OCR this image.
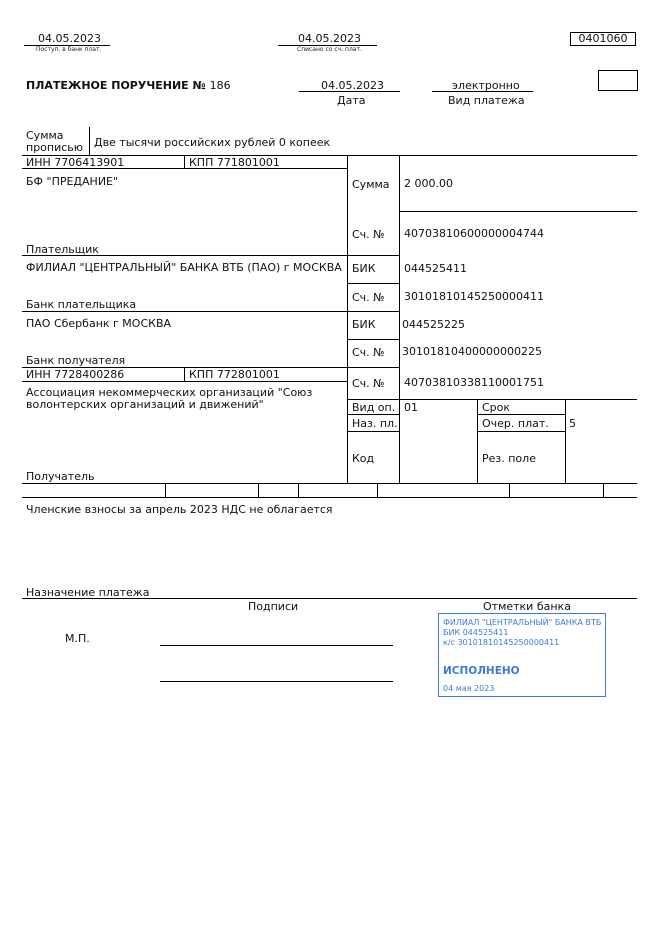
04.05.2023
Поступ. в банк плат.
04.05.2023
Списано со сч. плат.
0401060
ПЛАТЕЖНОЕ ПОРУЧЕНИЕ № 186	04.05.2023
Дата
электронно
Вид платежа
Сумма
прописью Две тысячи российских рублей 0 копеек
ИНН 7706413901	КПП 771801001
БФ "ПРЕДАНИЕ"
Плательщик
Сумма 2 000.00
Сч. № 40703810600000004744
ФИЛИАЛ "ЦЕНТРАЛЬНЫЙ" БАНКА ВТБ (ПАО) г МОСКВА
Банк плательщика
БИК	044525411
Сч. № 30101810145250000411
ПАО Сбербанк г МОСКВА
Банк получателя
БИК 044525225
Сч. № 30101810400000000225
ИНН 7728400286	КПП 772801001
Ассоциация некоммерческих организаций "Союз
волонтерских организаций и движений"
Получатель
Сч. № 40703810338110001751
Вид оп. 01	Срок
Наз. пл.	Очер. плат. 5
Код	Рез. поле
Членские взносы за апрель 2023 НДС не облагается
Назначение платежа
Подписи	Отметки банка
М.П.
ФИЛИАЛ "ЦЕНТРАЛЬНЫЙ" БАНКА ВТБ
БИК 044525411
к/с 30101810145250000411
ИСПОЛНЕНО
04 мая 2023
